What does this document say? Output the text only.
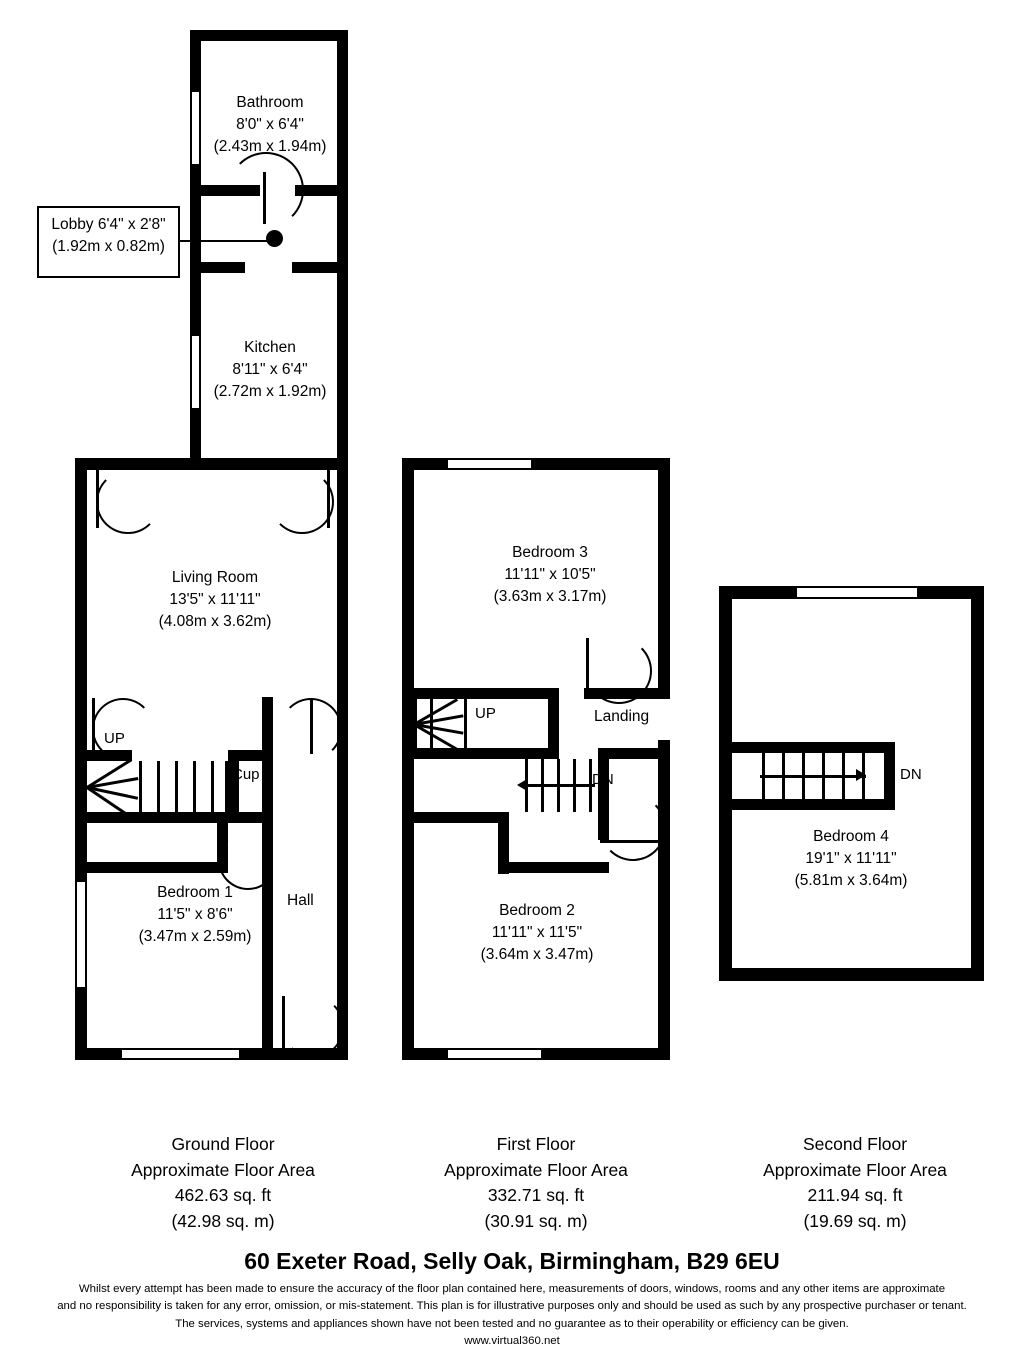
UP
Bathroom
8'0" x 6'4"
(2.43m x 1.94m)
Lobby 6'4" x 2'8" (1.92m x 0.82m)
Kitchen
8'11" x 6'4"
(2.72m x 1.92m)
Living Room
13'5" x 11'11"
(4.08m x 3.62m)
Bedroom 1
11'5" x 8'6"
(3.47m x 2.59m)
Hall
Cup
UP
DN
Bedroom 3
11'11" x 10'5"
(3.63m x 3.17m)
Landing
Bedroom 2
11'11" x 11'5"
(3.64m x 3.47m)
DN
Bedroom 4
19'1" x 11'11"
(5.81m x 3.64m)
Ground Floor
Approximate Floor Area
462.63 sq. ft
(42.98 sq. m)
First Floor
Approximate Floor Area
332.71 sq. ft
(30.91 sq. m)
Second Floor
Approximate Floor Area
211.94 sq. ft
(19.69 sq. m)
60 Exeter Road, Selly Oak, Birmingham, B29 6EU
Whilst every attempt has been made to ensure the accuracy of the floor plan contained here, measurements of doors, windows, rooms and any other items are approximate
and no responsibility is taken for any error, omission, or mis-statement. This plan is for illustrative purposes only and should be used as such by any prospective purchaser or tenant.
The services, systems and appliances shown have not been tested and no guarantee as to their operability or efficiency can be given.
www.virtual360.net
